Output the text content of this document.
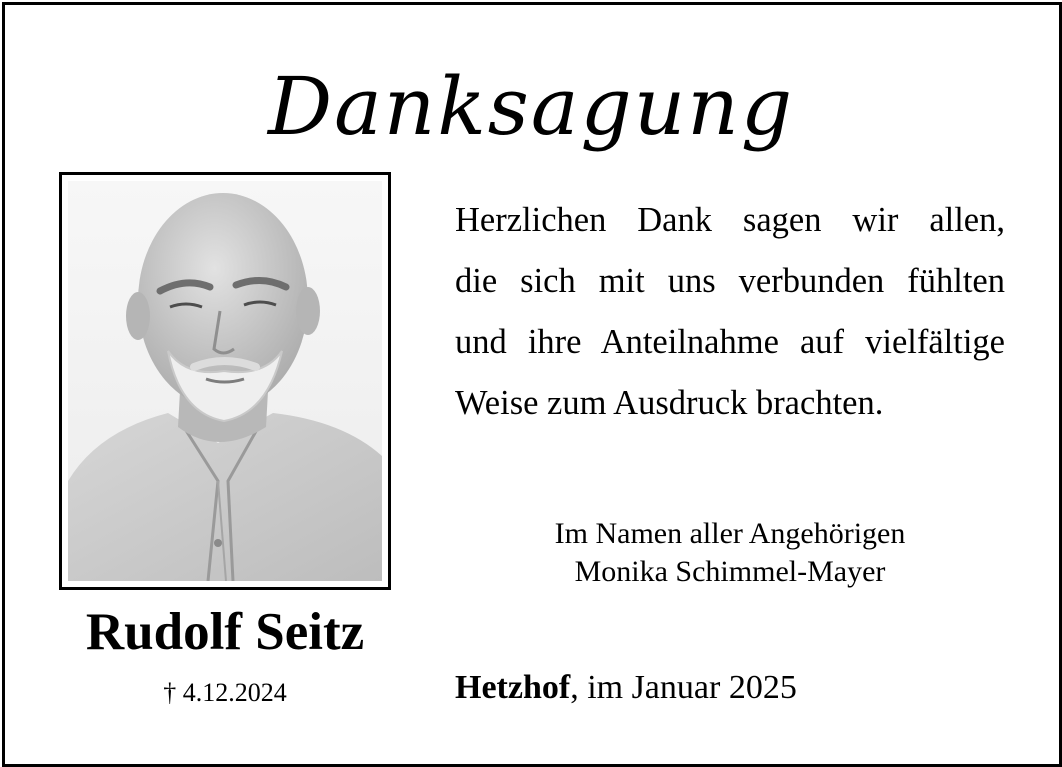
Danksagung
Rudolf Seitz
† 4.12.2024
Herzlichen Dank sagen wir allen,
die sich mit uns verbunden fühlten
und ihre Anteilnahme auf vielfältige
Weise zum Ausdruck brachten.
Im Namen aller Angehörigen
Monika Schimmel-Mayer
Hetzhof, im Januar 2025
